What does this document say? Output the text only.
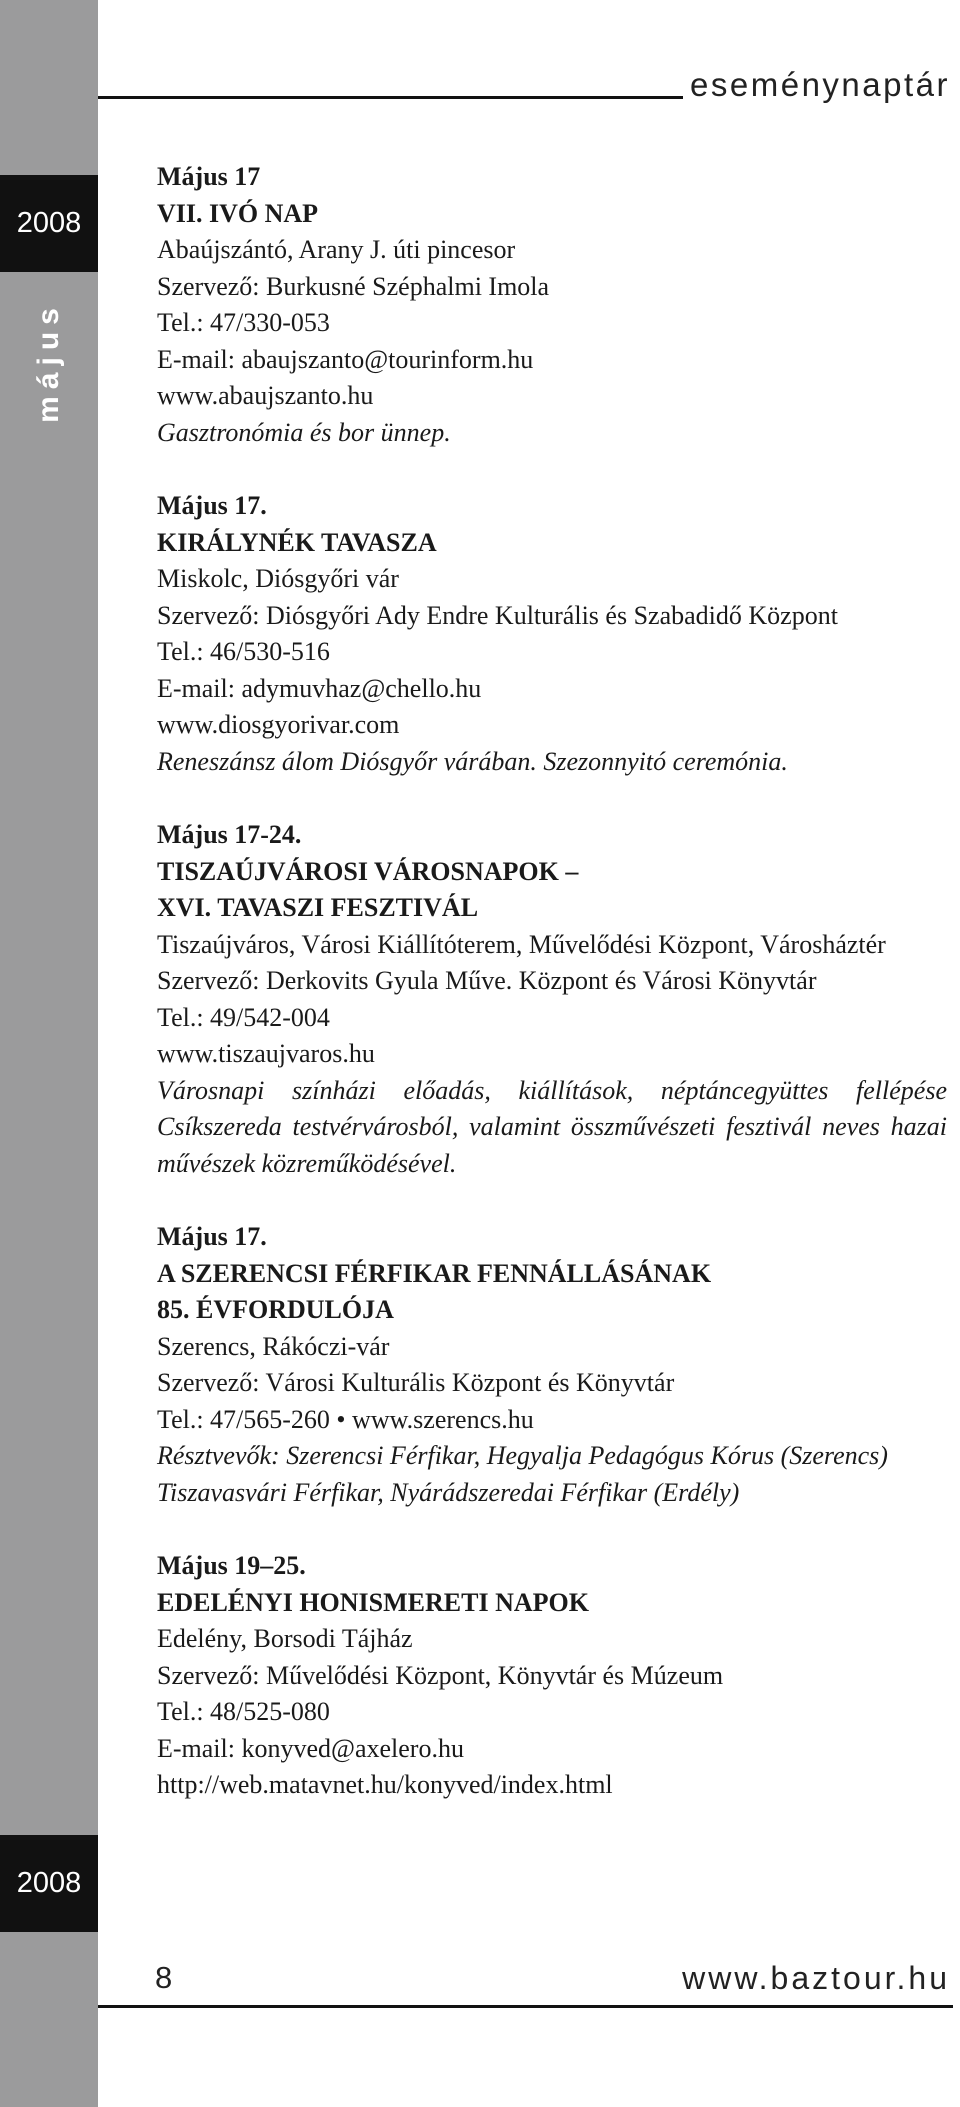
2008
május
2008
eseménynaptár
Május 17
VII. IVÓ NAP
Abaújszántó, Arany J. úti pincesor
Szervező: Burkusné Széphalmi Imola
Tel.: 47/330-053
E-mail: abaujszanto@tourinform.hu
www.abaujszanto.hu
Gasztronómia és bor ünnep.
Május 17.
KIRÁLYNÉK TAVASZA
Miskolc, Diósgyőri vár
Szervező: Diósgyőri Ady Endre Kulturális és Szabadidő Központ
Tel.: 46/530-516
E-mail: adymuvhaz@chello.hu
www.diosgyorivar.com
Reneszánsz álom Diósgyőr várában. Szezonnyitó ceremónia.
Május 17-24.
TISZAÚJVÁROSI VÁROSNAPOK –
XVI. TAVASZI FESZTIVÁL
Tiszaújváros, Városi Kiállítóterem, Művelődési Központ, Városháztér
Szervező: Derkovits Gyula Műve. Központ és Városi Könyvtár
Tel.: 49/542-004
www.tiszaujvaros.hu
Városnapi színházi előadás, kiállítások, néptáncegyüttes fellépése Csíkszereda testvérvárosból, valamint összművészeti fesztivál neves hazai művészek közreműködésével.
Május 17.
A SZERENCSI FÉRFIKAR FENNÁLLÁSÁNAK
85. ÉVFORDULÓJA
Szerencs, Rákóczi-vár
Szervező: Városi Kulturális Központ és Könyvtár
Tel.: 47/565-260 • www.szerencs.hu
Résztvevők: Szerencsi Férfikar, Hegyalja Pedagógus Kórus (Szerencs)
Tiszavasvári Férfikar, Nyárádszeredai Férfikar (Erdély)
Május 19–25.
EDELÉNYI HONISMERETI NAPOK
Edelény, Borsodi Tájház
Szervező: Művelődési Központ, Könyvtár és Múzeum
Tel.: 48/525-080
E-mail: konyved@axelero.hu
http://web.matavnet.hu/konyved/index.html
8	www.baztour.hu
